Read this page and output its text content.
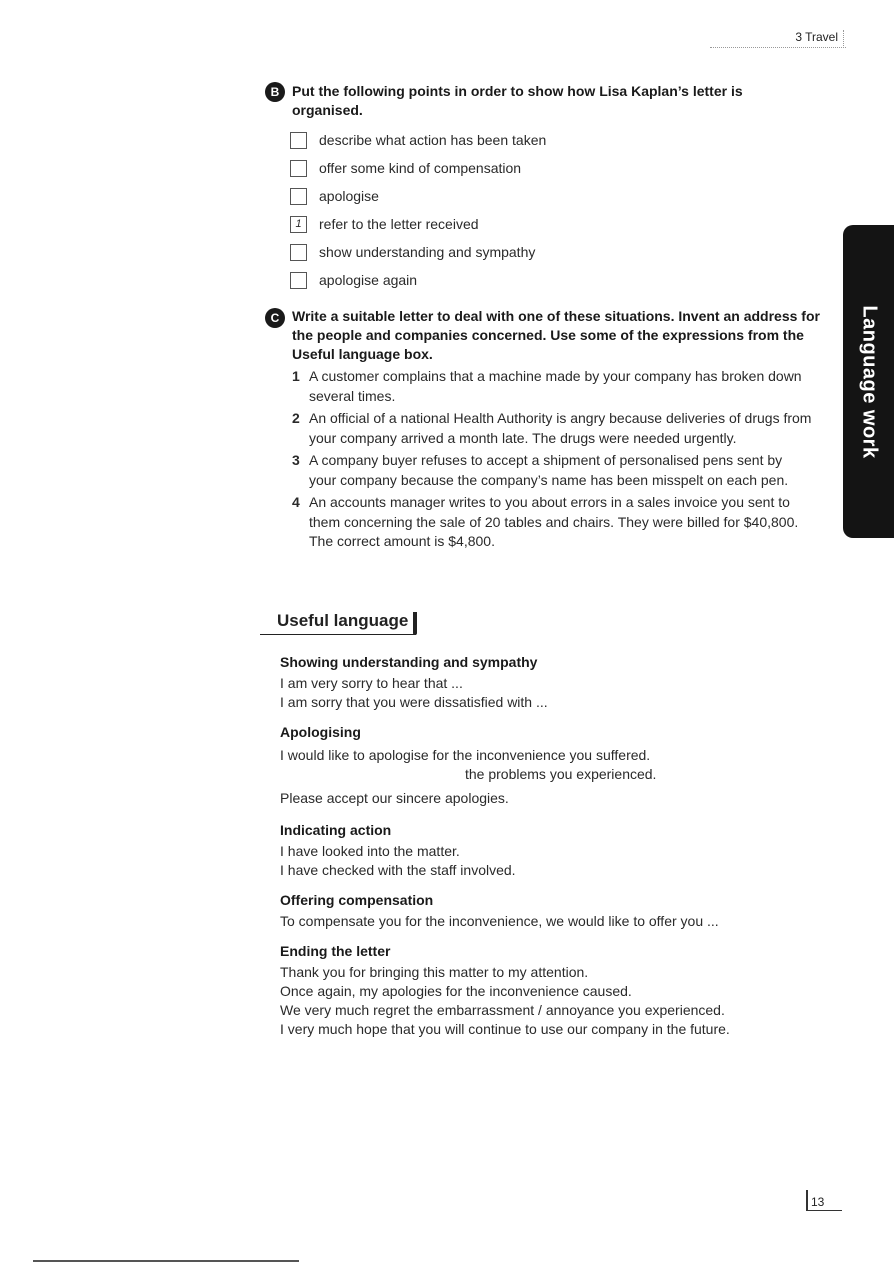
3 Travel
B Put the following points in order to show how Lisa Kaplan’s letter is organised.
describe what action has been taken
offer some kind of compensation
apologise
1	refer to the letter received
show understanding and sympathy
apologise again
C Write a suitable letter to deal with one of these situations. Invent an address for the people and companies concerned. Use some of the expressions from the Useful language box.
1 A customer complains that a machine made by your company has broken down several times.
2 An official of a national Health Authority is angry because deliveries of drugs from your company arrived a month late. The drugs were needed urgently.
3 A company buyer refuses to accept a shipment of personalised pens sent by your company because the company’s name has been misspelt on each pen.
4 An accounts manager writes to you about errors in a sales invoice you sent to them concerning the sale of 20 tables and chairs. They were billed for $40,800. The correct amount is $4,800.
Useful language
Showing understanding and sympathy

I am very sorry to hear that ...

I am sorry that you were dissatisfied with ...

Apologising

I would like to apologise for the inconvenience you suffered.

the problems you experienced.

Please accept our sincere apologies.

Indicating action

I have looked into the matter.

I have checked with the staff involved.

Offering compensation

To compensate you for the inconvenience, we would like to offer you ...

Ending the letter

Thank you for bringing this matter to my attention.

Once again, my apologies for the inconvenience caused.

We very much regret the embarrassment / annoyance you experienced.

I very much hope that you will continue to use our company in the future.

Language work
13
